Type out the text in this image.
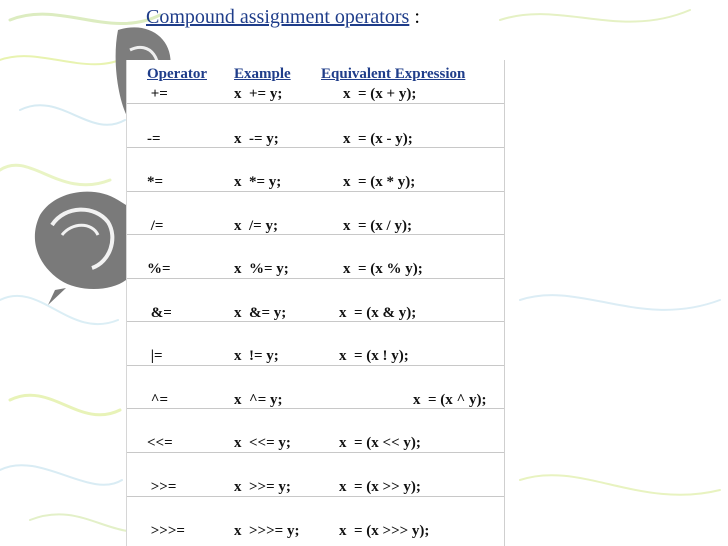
Compound assignment operators :
Operator Example Equivalent Expression
+=	x  += y;	x  = (x + y);
-=	x  -= y;	x  = (x - y);
*=	x  *= y;	x  = (x * y);
/=	x  /= y;	x  = (x / y);
%=	x  %= y;	x  = (x % y);
&=	x  &= y;	x  = (x & y);
|=	x  != y;	x  = (x ! y);
^=	x  ^= y;	x  = (x ^ y);
<<=	x  <<= y;	x  = (x << y);
>>=	x  >>= y;	x  = (x >> y);
>>>=	x  >>>= y;	x  = (x >>> y);
